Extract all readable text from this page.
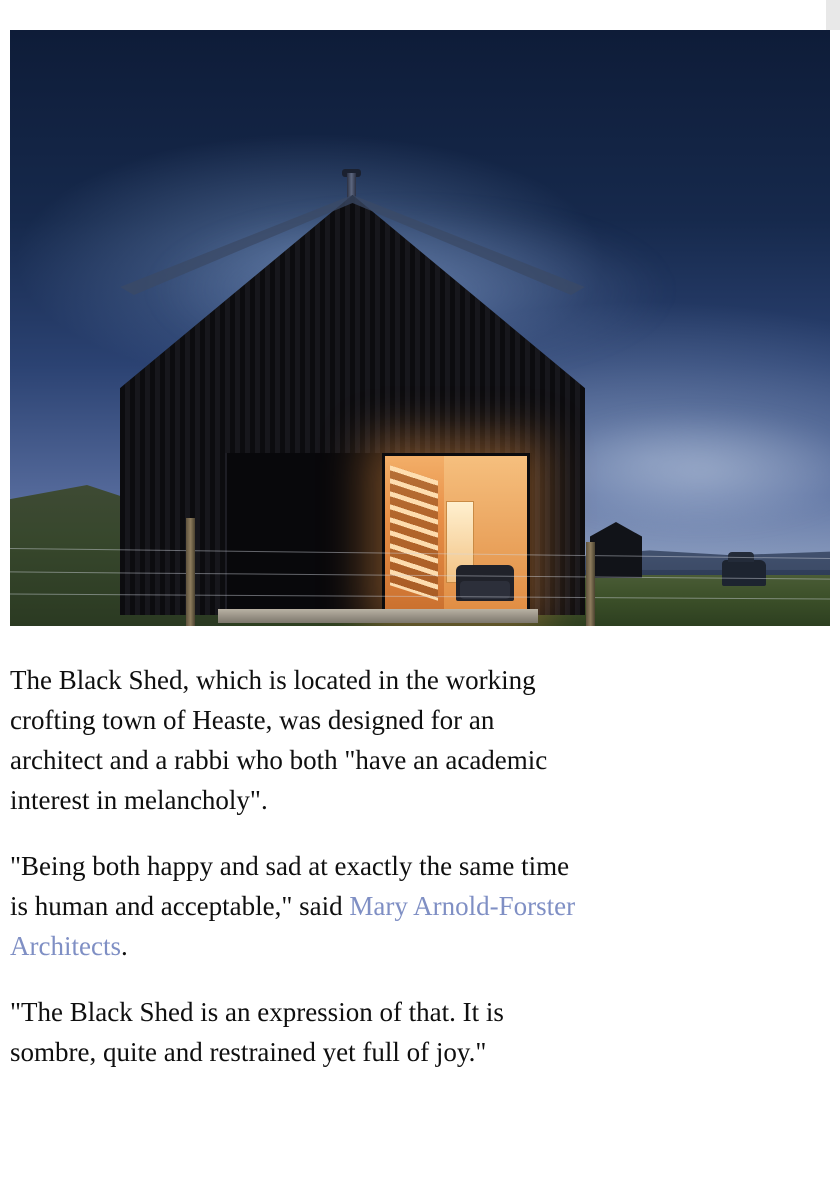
The Black Shed, which is located in the working crofting town of Heaste, was designed for an architect and a rabbi who both "have an academic interest in melancholy".

"Being both happy and sad at exactly the same time is human and acceptable," said Mary Arnold-Forster Architects.

"The Black Shed is an expression of that. It is sombre, quite and restrained yet full of joy."
